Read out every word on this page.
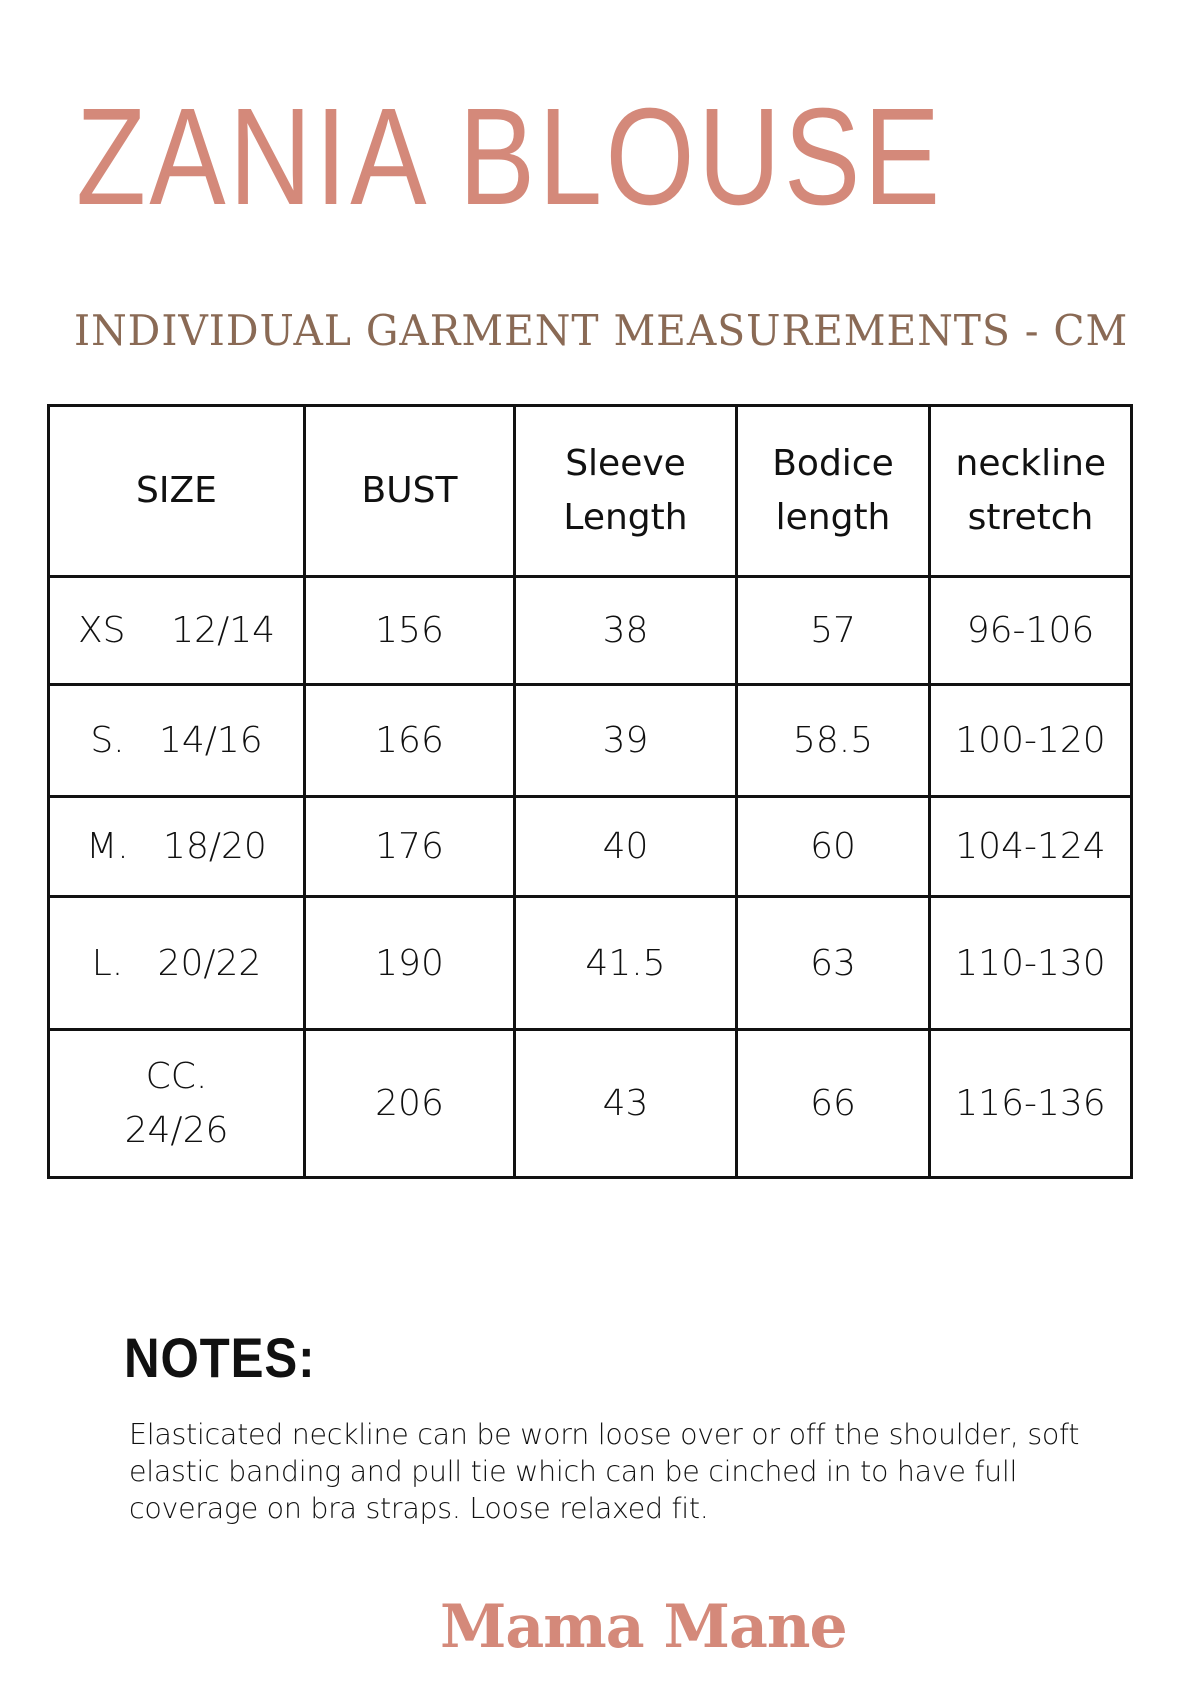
ZANIA BLOUSE
INDIVIDUAL GARMENT MEASUREMENTS - CM
SIZE	BUST	Sleeve Length	Bodice length	neckline stretch
XS    12/14	156	38	57	96-106
S.   14/16	166	39	58.5	100-120
M.   18/20	176	40	60	104-124
L.   20/22	190	41.5	63	110-130
CC. 24/26	206	43	66	116-136
NOTES:
Elasticated neckline can be worn loose over or off the shoulder, soft elastic banding and pull tie which can be cinched in to have full coverage on bra straps. Loose relaxed fit.
Mama Mane
